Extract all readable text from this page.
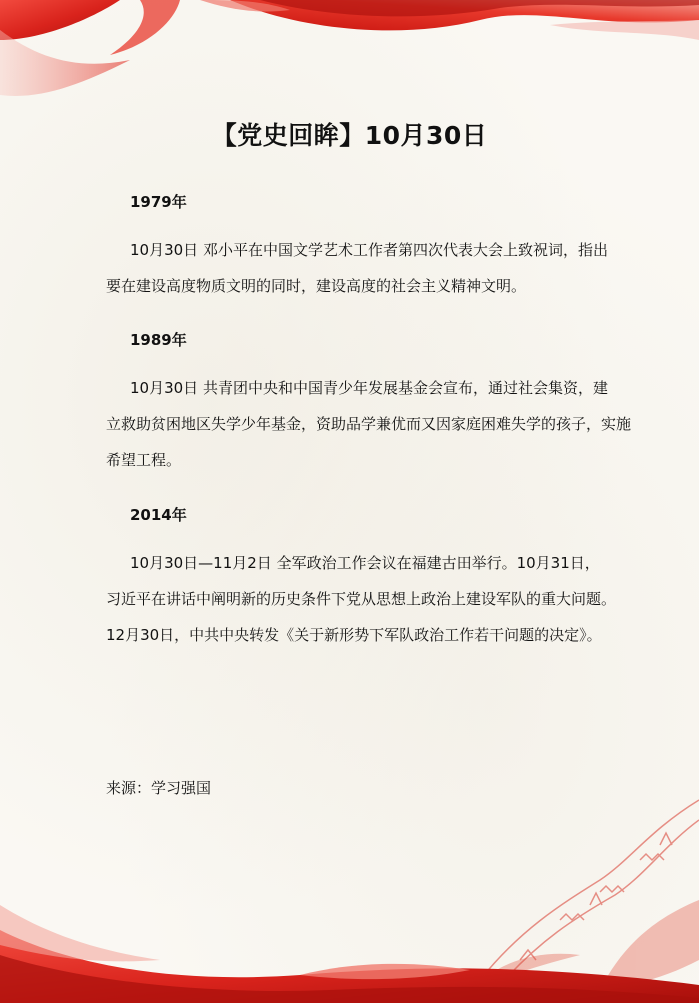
【党史回眸】10月30日
1979年
10月30日 邓小平在中国文学艺术工作者第四次代表大会上致祝词，指出
要在建设高度物质文明的同时，建设高度的社会主义精神文明。
1989年
10月30日 共青团中央和中国青少年发展基金会宣布，通过社会集资，建
立救助贫困地区失学少年基金，资助品学兼优而又因家庭困难失学的孩子，实施
希望工程。
2014年
10月30日—11月2日 全军政治工作会议在福建古田举行。10月31日，
习近平在讲话中阐明新的历史条件下党从思想上政治上建设军队的重大问题。
12月30日，中共中央转发《关于新形势下军队政治工作若干问题的决定》。
来源：学习强国
